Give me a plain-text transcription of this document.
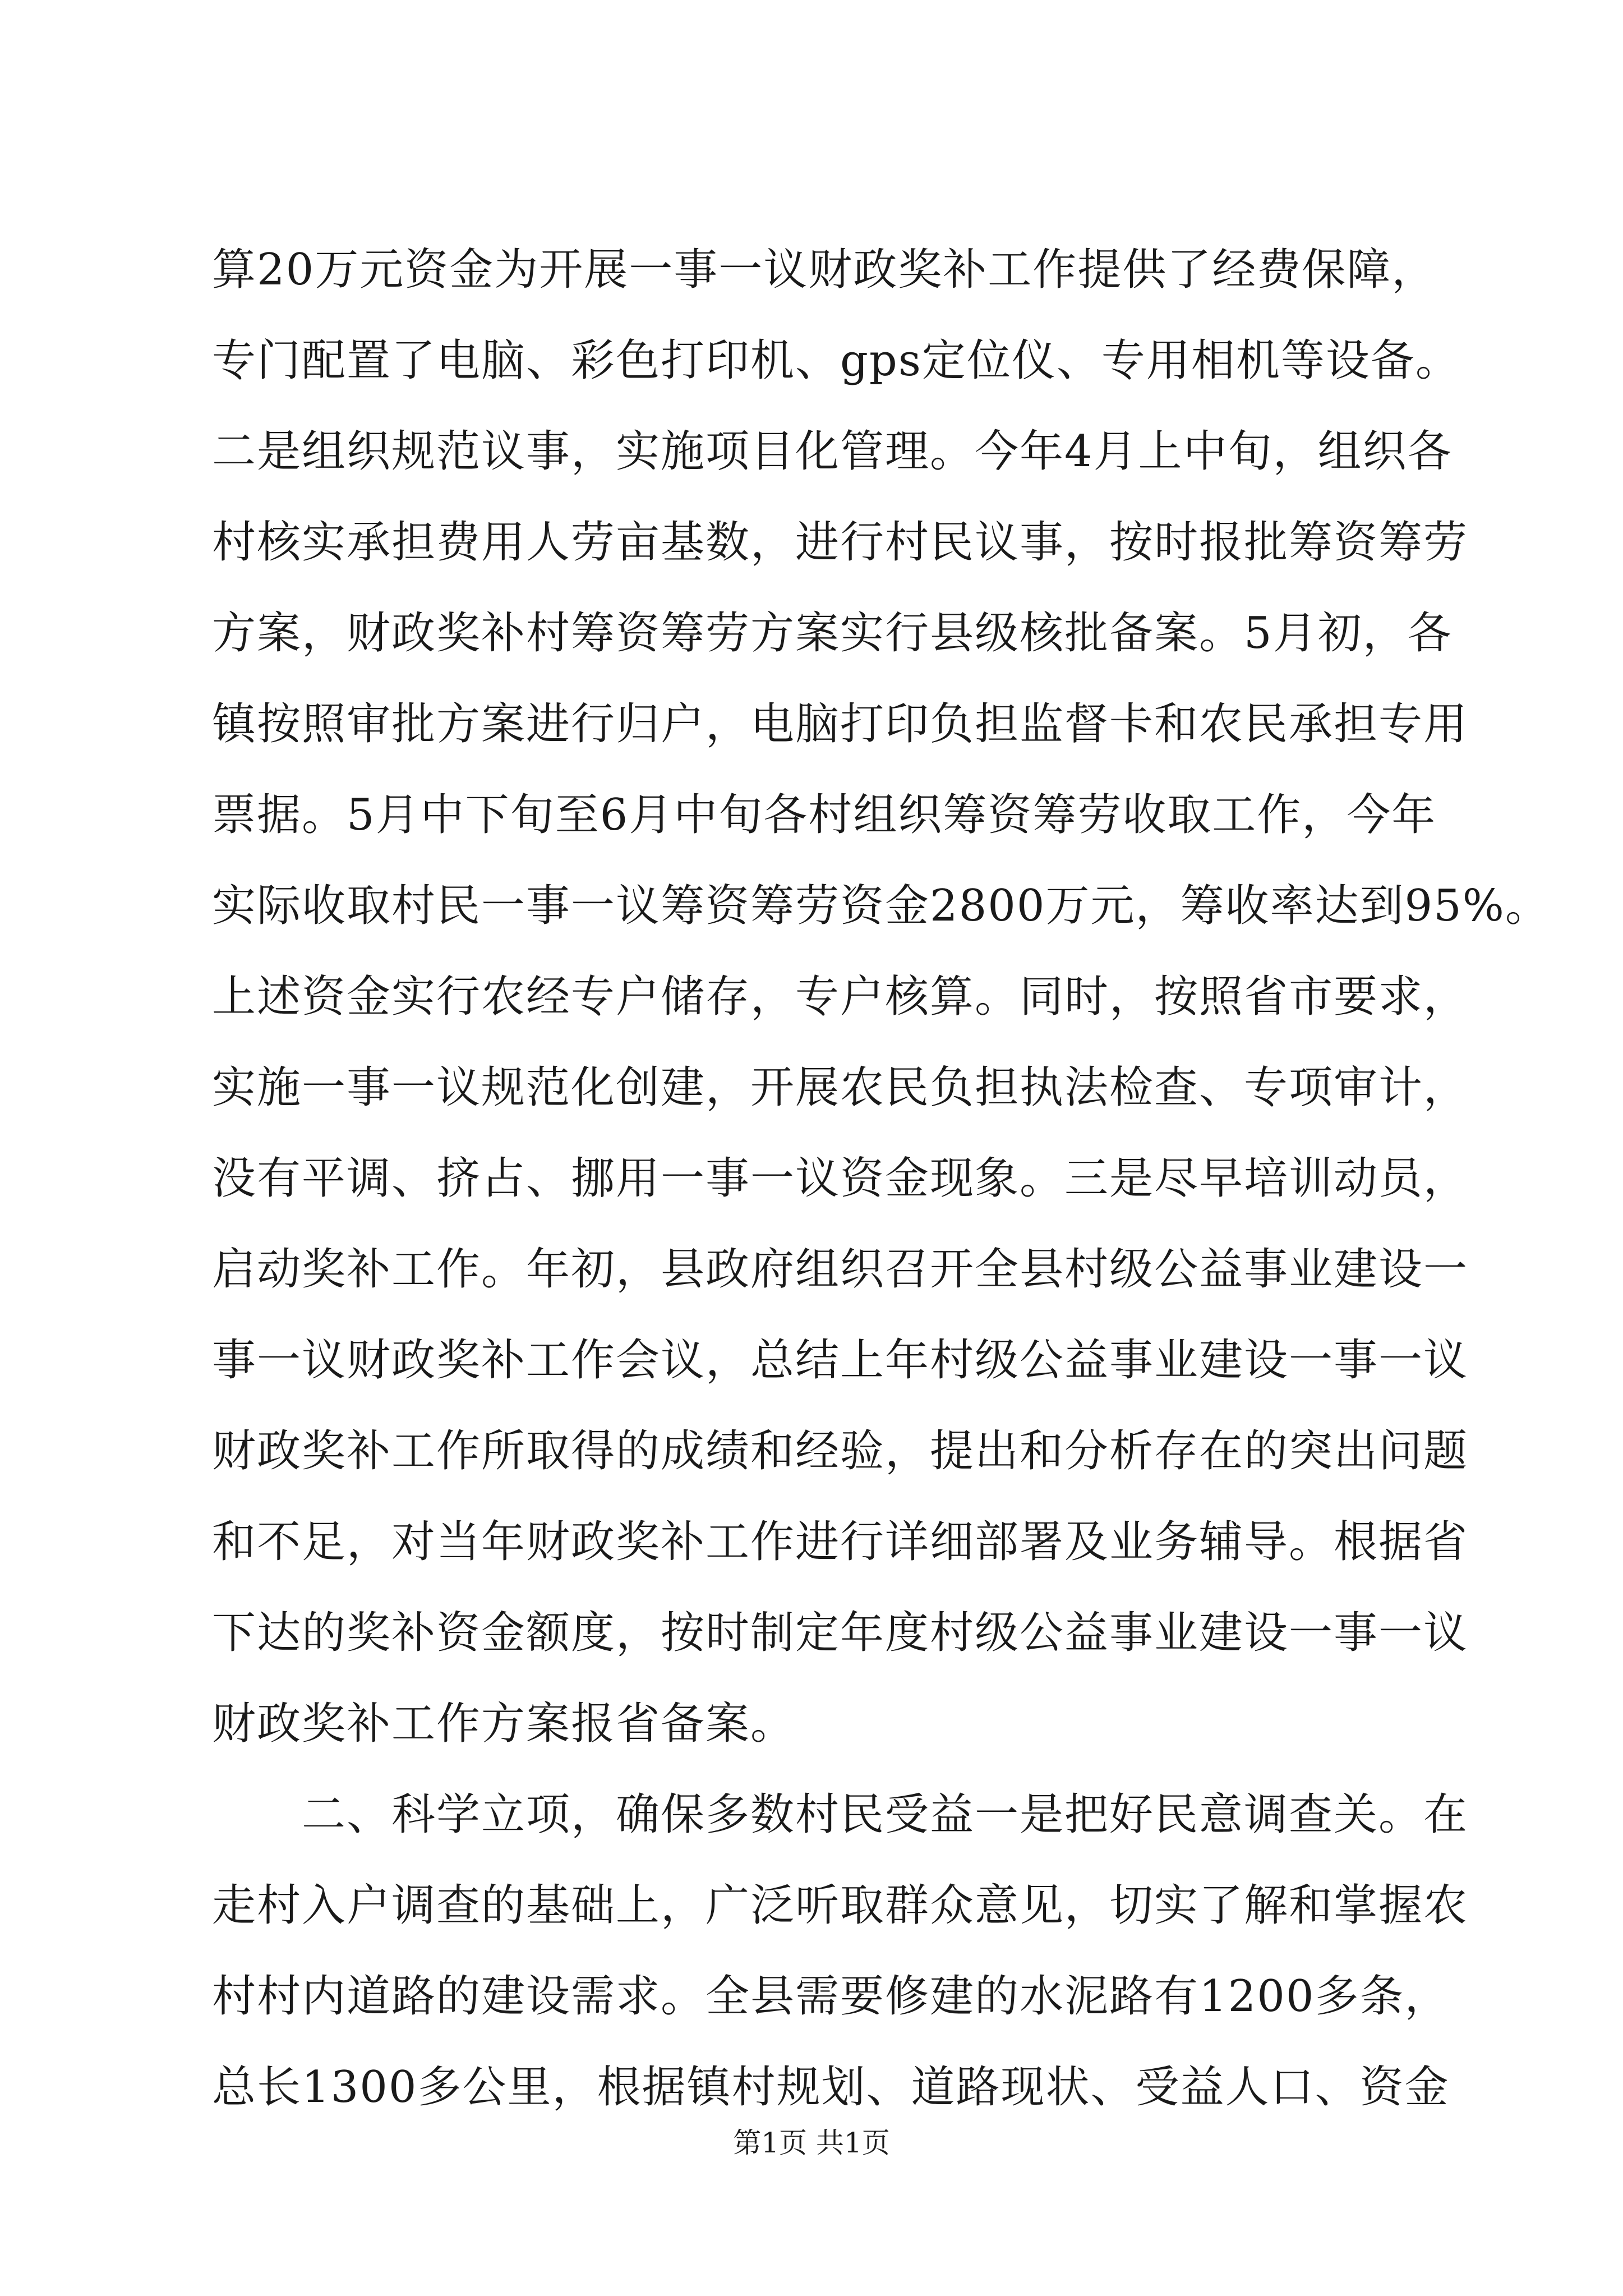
算20万元资金为开展一事一议财政奖补工作提供了经费保障，
专门配置了电脑、彩色打印机、gps定位仪、专用相机等设备。
二是组织规范议事，实施项目化管理。今年4月上中旬，组织各
村核实承担费用人劳亩基数，进行村民议事，按时报批筹资筹劳
方案，财政奖补村筹资筹劳方案实行县级核批备案。5月初，各
镇按照审批方案进行归户，电脑打印负担监督卡和农民承担专用
票据。5月中下旬至6月中旬各村组织筹资筹劳收取工作，今年
实际收取村民一事一议筹资筹劳资金2800万元，筹收率达到95%。
上述资金实行农经专户储存，专户核算。同时，按照省市要求，
实施一事一议规范化创建，开展农民负担执法检查、专项审计，
没有平调、挤占、挪用一事一议资金现象。三是尽早培训动员，
启动奖补工作。年初，县政府组织召开全县村级公益事业建设一
事一议财政奖补工作会议，总结上年村级公益事业建设一事一议
财政奖补工作所取得的成绩和经验，提出和分析存在的突出问题
和不足，对当年财政奖补工作进行详细部署及业务辅导。根据省
下达的奖补资金额度，按时制定年度村级公益事业建设一事一议
财政奖补工作方案报省备案。
二、科学立项，确保多数村民受益一是把好民意调查关。在
走村入户调查的基础上，广泛听取群众意见，切实了解和掌握农
村村内道路的建设需求。全县需要修建的水泥路有1200多条，
总长1300多公里，根据镇村规划、道路现状、受益人口、资金
第1页 共1页
